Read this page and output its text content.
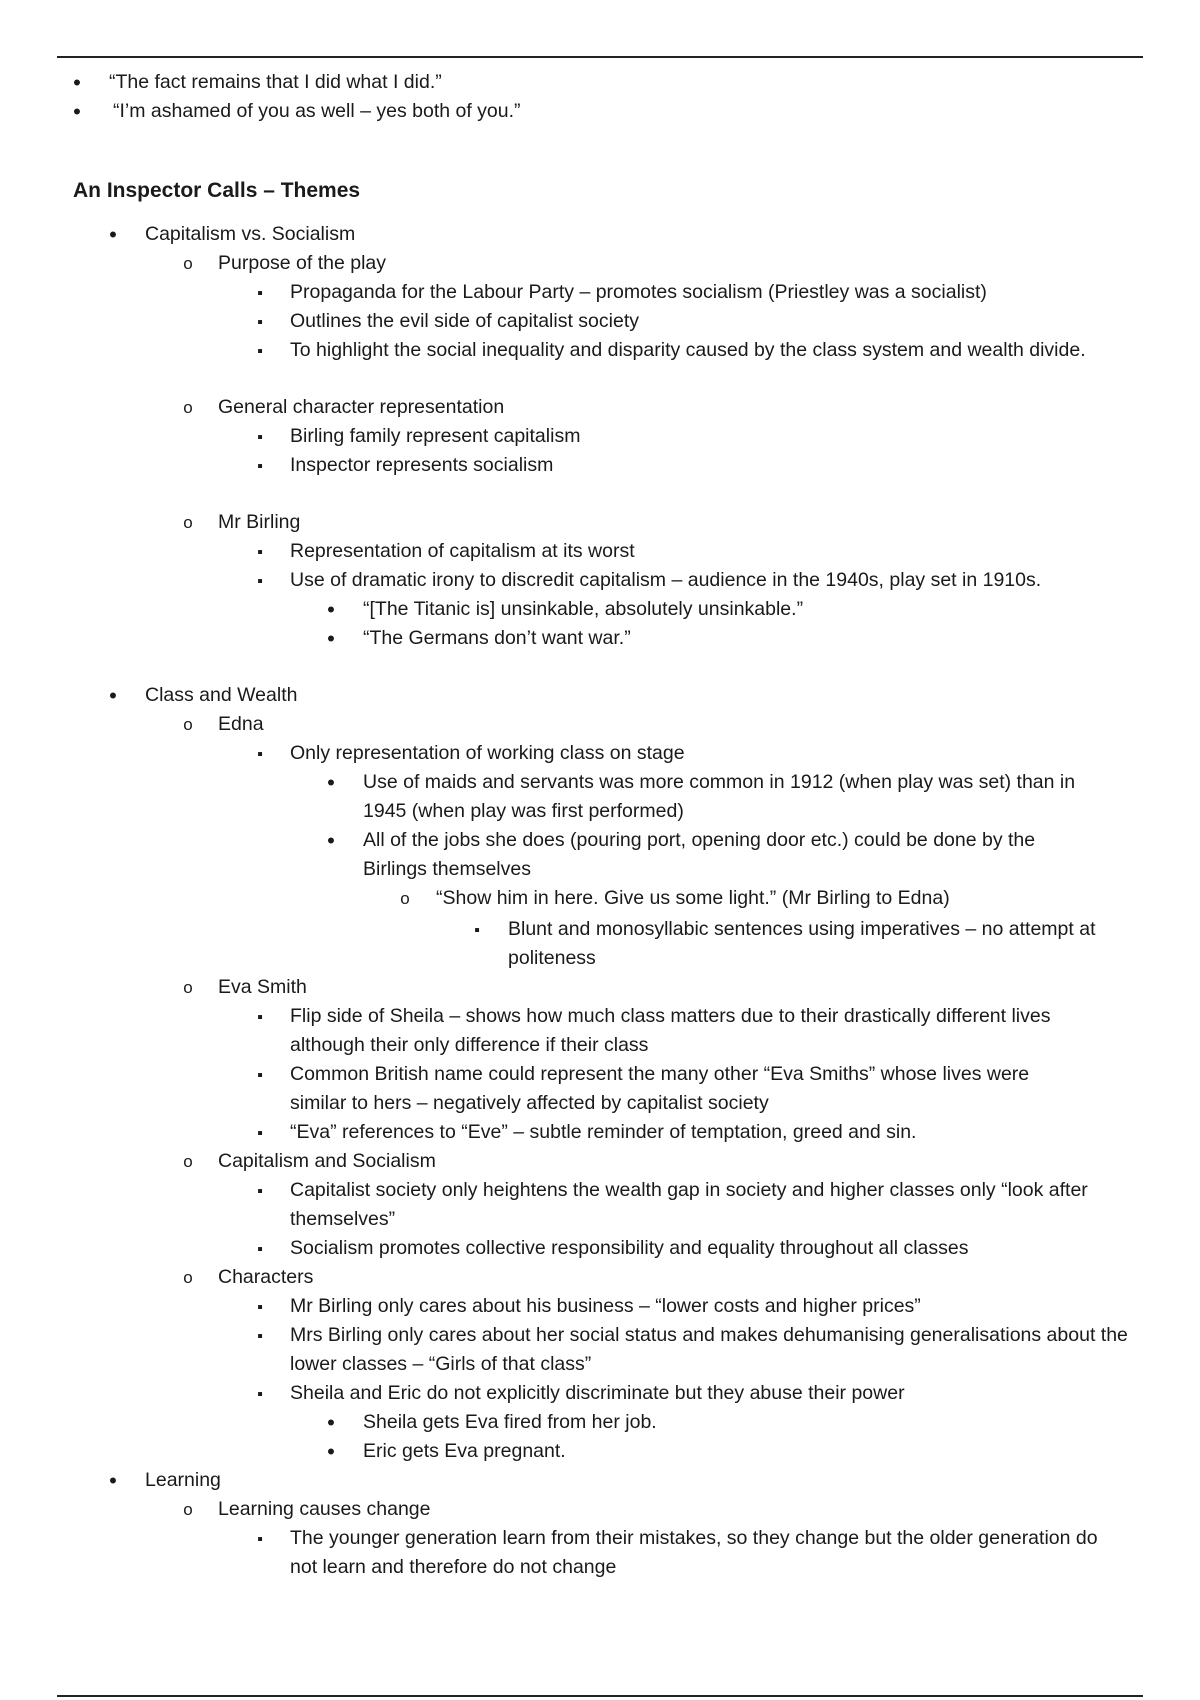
•
“The fact remains that I did what I did.”
•
“I’m ashamed of you as well – yes both of you.”
An Inspector Calls – Themes
•
Capitalism vs. Socialism
o
Purpose of the play
▪
Propaganda for the Labour Party – promotes socialism (Priestley was a socialist)
▪
Outlines the evil side of capitalist society
▪
To highlight the social inequality and disparity caused by the class system and wealth divide.
o
General character representation
▪
Birling family represent capitalism
▪
Inspector represents socialism
o
Mr Birling
▪
Representation of capitalism at its worst
▪
Use of dramatic irony to discredit capitalism – audience in the 1940s, play set in 1910s.
•
“[The Titanic is] unsinkable, absolutely unsinkable.”
•
“The Germans don’t want war.”
•
Class and Wealth
o
Edna
▪
Only representation of working class on stage
•
Use of maids and servants was more common in 1912 (when play was set) than in 1945 (when play was first performed)
•
All of the jobs she does (pouring port, opening door etc.) could be done by the Birlings themselves
o
“Show him in here. Give us some light.” (Mr Birling to Edna)
▪
Blunt and monosyllabic sentences using imperatives – no attempt at politeness
o
Eva Smith
▪
Flip side of Sheila – shows how much class matters due to their drastically different lives although their only difference if their class
▪
Common British name could represent the many other “Eva Smiths” whose lives were similar to hers – negatively affected by capitalist society
▪
“Eva” references to “Eve” – subtle reminder of temptation, greed and sin.
o
Capitalism and Socialism
▪
Capitalist society only heightens the wealth gap in society and higher classes only “look after themselves”
▪
Socialism promotes collective responsibility and equality throughout all classes
o
Characters
▪
Mr Birling only cares about his business – “lower costs and higher prices”
▪
Mrs Birling only cares about her social status and makes dehumanising generalisations about the lower classes – “Girls of that class”
▪
Sheila and Eric do not explicitly discriminate but they abuse their power
•
Sheila gets Eva fired from her job.
•
Eric gets Eva pregnant.
•
Learning
o
Learning causes change
▪
The younger generation learn from their mistakes, so they change but the older generation do not learn and therefore do not change
